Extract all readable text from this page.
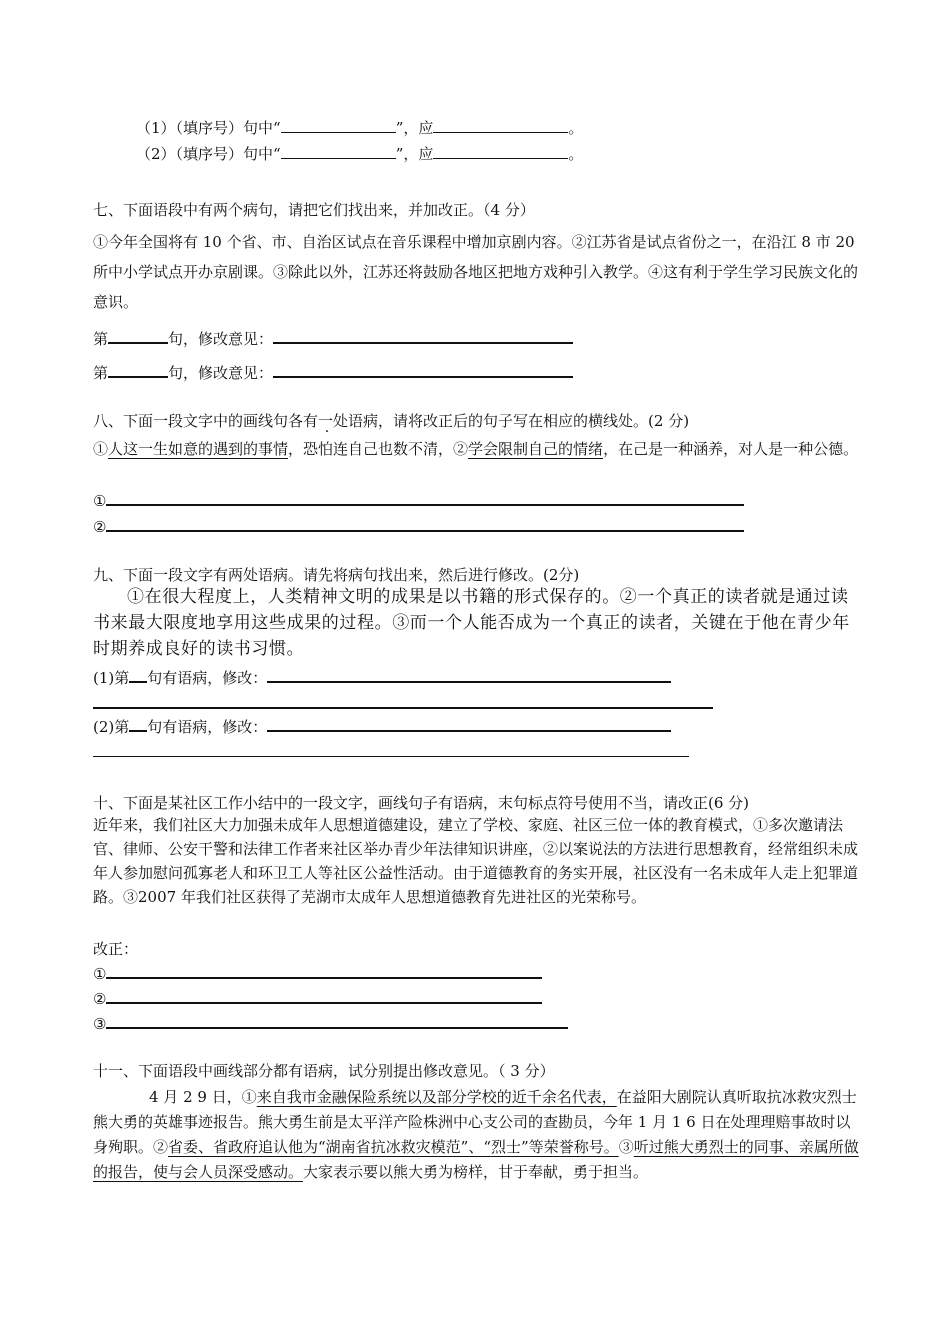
（1）（填序号）句中“	”，应	。
（2）（填序号）句中“	”，应	。
七、下面语段中有两个病句，请把它们找出来，并加改正。（4 分）
①今年全国将有 10 个省、市、自治区试点在音乐课程中增加京剧内容。②江苏省是试点省份之一，在沿江 8 市 20 所中小学试点开办京剧课。③除此以外，江苏还将鼓励各地区把地方戏种引入教学。④这有利于学生学习民族文化的意识。
第	句，修改意见：
第	句，修改意见：
八、下面一段文字中的画线句各有一处语病，请将改正后的句子写在相应的横线处。(2 分)
①人这一生如意的遇到的事情，恐怕连自己也数不清，②学会限制自己的情绪，在己是一种涵养，对人是一种公德。
①
②
九、下面一段文字有两处语病。请先将病句找出来，然后进行修改。(2分)
①在很大程度上，人类精神文明的成果是以书籍的形式保存的。②一个真正的读者就是通过读书来最大限度地享用这些成果的过程。③而一个人能否成为一个真正的读者，关键在于他在青少年时期养成良好的读书习惯。
(1)第 句有语病，修改：
(2)第 句有语病，修改：
十、下面是某社区工作小结中的一段文字，画线句子有语病，末句标点符号使用不当，请改正(6 分)
近年来，我们社区大力加强未成年人思想道德建设，建立了学校、家庭、社区三位一体的教育模式，①多次邀请法官、律师、公安干警和法律工作者来社区举办青少年法律知识讲座，②以案说法的方法进行思想教育，经常组织未成年人参加慰问孤寡老人和环卫工人等社区公益性活动。由于道德教育的务实开展，社区没有一名未成年人走上犯罪道路。③2007 年我们社区获得了芜湖市太成年人思想道德教育先进社区的光荣称号。
改正：
①
②
③
十一、下面语段中画线部分都有语病，试分别提出修改意见。（ 3 分）
4 月 2 9 日，①来自我市金融保险系统以及部分学校的近千余名代表，在益阳大剧院认真听取抗冰救灾烈士熊大勇的英雄事迹报告。熊大勇生前是太平洋产险株洲中心支公司的查勘员，今年 1 月 1 6 日在处理理赔事故时以身殉职。②省委、省政府追认他为“湖南省抗冰救灾模范”、“烈士”等荣誉称号。③听过熊大勇烈士的同事、亲属所做的报告，使与会人员深受感动。大家表示要以熊大勇为榜样，甘于奉献，勇于担当。
